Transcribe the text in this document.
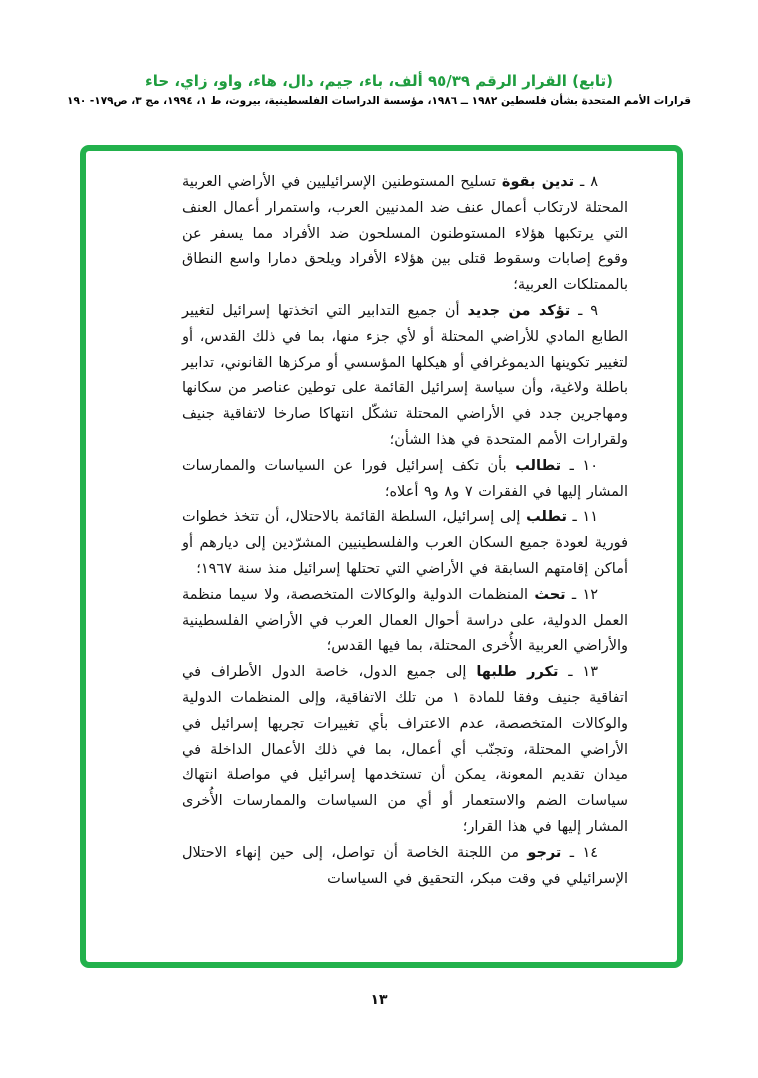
(تابع) القرار الرقم ٩٥/٣٩ ألف، باء، جيم، دال، هاء، واو، زاي، حاء
قرارات الأمم المتحدة بشأن فلسطين ١٩٨٢ ــ ١٩٨٦، مؤسسة الدراسات الفلسطينية، بيروت، ط ١، ١٩٩٤، مج ٣، ص١٧٩- ١٩٠

٨ ـ تدين بقوة تسليح المستوطنين الإسرائيليين في الأراضي العربية المحتلة لارتكاب أعمال عنف ضد المدنيين العرب، واستمرار أعمال العنف التي يرتكبها هؤلاء المستوطنون المسلحون ضد الأفراد مما يسفر عن وقوع إصابات وسقوط قتلى بين هؤلاء الأفراد ويلحق دمارا واسع النطاق بالممتلكات العربية؛

٩ ـ تؤكد من جديد أن جميع التدابير التي اتخذتها إسرائيل لتغيير الطابع المادي للأراضي المحتلة أو لأي جزء منها، بما في ذلك القدس، أو لتغيير تكوينها الديموغرافي أو هيكلها المؤسسي أو مركزها القانوني، تدابير باطلة ولاغية، وأن سياسة إسرائيل القائمة على توطين عناصر من سكانها ومهاجرين جدد في الأراضي المحتلة تشكّل انتهاكا صارخا لاتفاقية جنيف ولقرارات الأمم المتحدة في هذا الشأن؛

١٠ ـ تطالب بأن تكف إسرائيل فورا عن السياسات والممارسات المشار إليها في الفقرات ٧ و٨ و٩ أعلاه؛

١١ ـ تطلب إلى إسرائيل، السلطة القائمة بالاحتلال، أن تتخذ خطوات فورية لعودة جميع السكان العرب والفلسطينيين المشرّدين إلى ديارهم أو أماكن إقامتهم السابقة في الأراضي التي تحتلها إسرائيل منذ سنة ١٩٦٧؛

١٢ ـ تحث المنظمات الدولية والوكالات المتخصصة، ولا سيما منظمة العمل الدولية، على دراسة أحوال العمال العرب في الأراضي الفلسطينية والأراضي العربية الأُخرى المحتلة، بما فيها القدس؛

١٣ ـ تكرر طلبها إلى جميع الدول، خاصة الدول الأطراف في اتفاقية جنيف وفقا للمادة ١ من تلك الاتفاقية، وإلى المنظمات الدولية والوكالات المتخصصة، عدم الاعتراف بأي تغييرات تجريها إسرائيل في الأراضي المحتلة، وتجنّب أي أعمال، بما في ذلك الأعمال الداخلة في ميدان تقديم المعونة، يمكن أن تستخدمها إسرائيل في مواصلة انتهاك سياسات الضم والاستعمار أو أي من السياسات والممارسات الأُخرى المشار إليها في هذا القرار؛

١٤ ـ ترجو من اللجنة الخاصة أن تواصل، إلى حين إنهاء الاحتلال الإسرائيلي في وقت مبكر، التحقيق في السياسات

١٣
